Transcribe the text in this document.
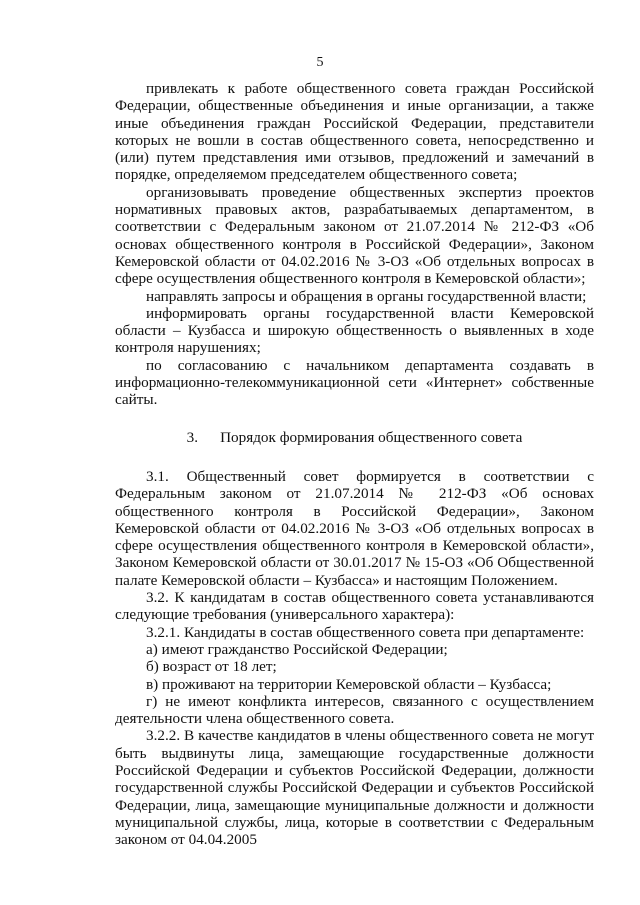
5

привлекать к работе общественного совета граждан Российской Федерации, общественные объединения и иные организации, а также иные объединения граждан Российской Федерации, представители которых не вошли в состав общественного совета, непосредственно и (или) путем представления ими отзывов, предложений и замечаний в порядке, определяемом председателем общественного совета;

организовывать проведение общественных экспертиз проектов нормативных правовых актов, разрабатываемых департаментом, в соответствии с Федеральным законом от 21.07.2014 № 212-ФЗ «Об основах общественного контроля в Российской Федерации», Законом Кемеровской области от 04.02.2016 № 3-ОЗ «Об отдельных вопросах в сфере осуществления общественного контроля в Кемеровской области»;

направлять запросы и обращения в органы государственной власти;

информировать органы государственной власти Кемеровской области – Кузбасса и широкую общественность о выявленных в ходе контроля нарушениях;

по согласованию с начальником департамента создавать в информационно-телекоммуникационной сети «Интернет» собственные сайты.

3. Порядок формирования общественного совета

3.1. Общественный совет формируется в соответствии с Федеральным законом от 21.07.2014 № 212-ФЗ «Об основах общественного контроля в Российской Федерации», Законом Кемеровской области от 04.02.2016 № 3-ОЗ «Об отдельных вопросах в сфере осуществления общественного контроля в Кемеровской области», Законом Кемеровской области от 30.01.2017 № 15-ОЗ «Об Общественной палате Кемеровской области – Кузбасса» и настоящим Положением.

3.2. К кандидатам в состав общественного совета устанавливаются следующие требования (универсального характера):

3.2.1. Кандидаты в состав общественного совета при департаменте:

а) имеют гражданство Российской Федерации;

б) возраст от 18 лет;

в) проживают на территории Кемеровской области – Кузбасса;

г) не имеют конфликта интересов, связанного с осуществлением деятельности члена общественного совета.

3.2.2. В качестве кандидатов в члены общественного совета не могут быть выдвинуты лица, замещающие государственные должности Российской Федерации и субъектов Российской Федерации, должности государственной службы Российской Федерации и субъектов Российской Федерации, лица, замещающие муниципальные должности и должности муниципальной службы, лица, которые в соответствии с Федеральным законом от 04.04.2005
